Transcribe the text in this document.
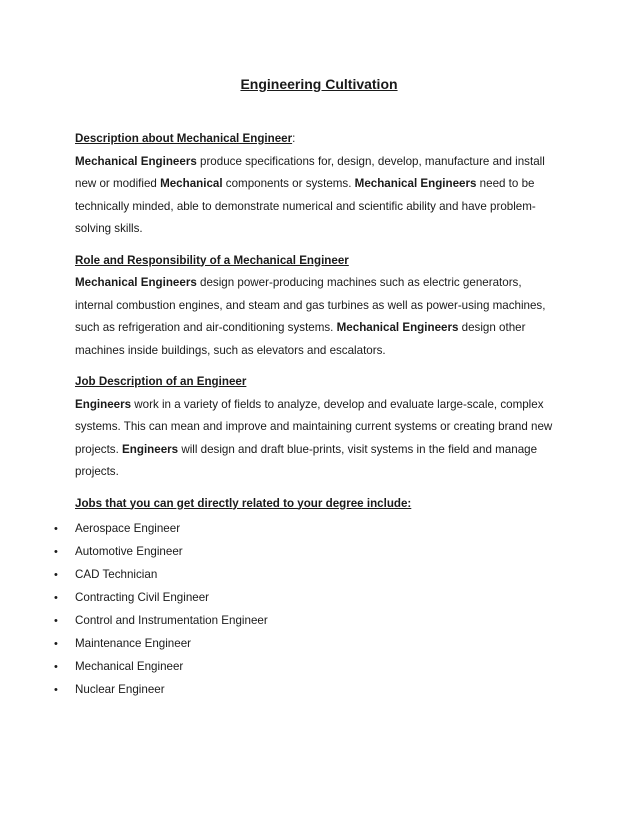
Engineering Cultivation

Description about Mechanical Engineer:

Mechanical Engineers produce specifications for, design, develop, manufacture and install new or modified Mechanical components or systems. Mechanical Engineers need to be technically minded, able to demonstrate numerical and scientific ability and have problem-solving skills.

Role and Responsibility of a Mechanical Engineer

Mechanical Engineers design power-producing machines such as electric generators, internal combustion engines, and steam and gas turbines as well as power-using machines, such as refrigeration and air-conditioning systems. Mechanical Engineers design other machines inside buildings, such as elevators and escalators.

Job Description of an Engineer

Engineers work in a variety of fields to analyze, develop and evaluate large-scale, complex systems. This can mean and improve and maintaining current systems or creating brand new projects. Engineers will design and draft blue-prints, visit systems in the field and manage projects.

Jobs that you can get directly related to your degree include:

•	Aerospace Engineer
•	Automotive Engineer
•	CAD Technician
•	Contracting Civil Engineer
•	Control and Instrumentation Engineer
•	Maintenance Engineer
•	Mechanical Engineer
•	Nuclear Engineer
